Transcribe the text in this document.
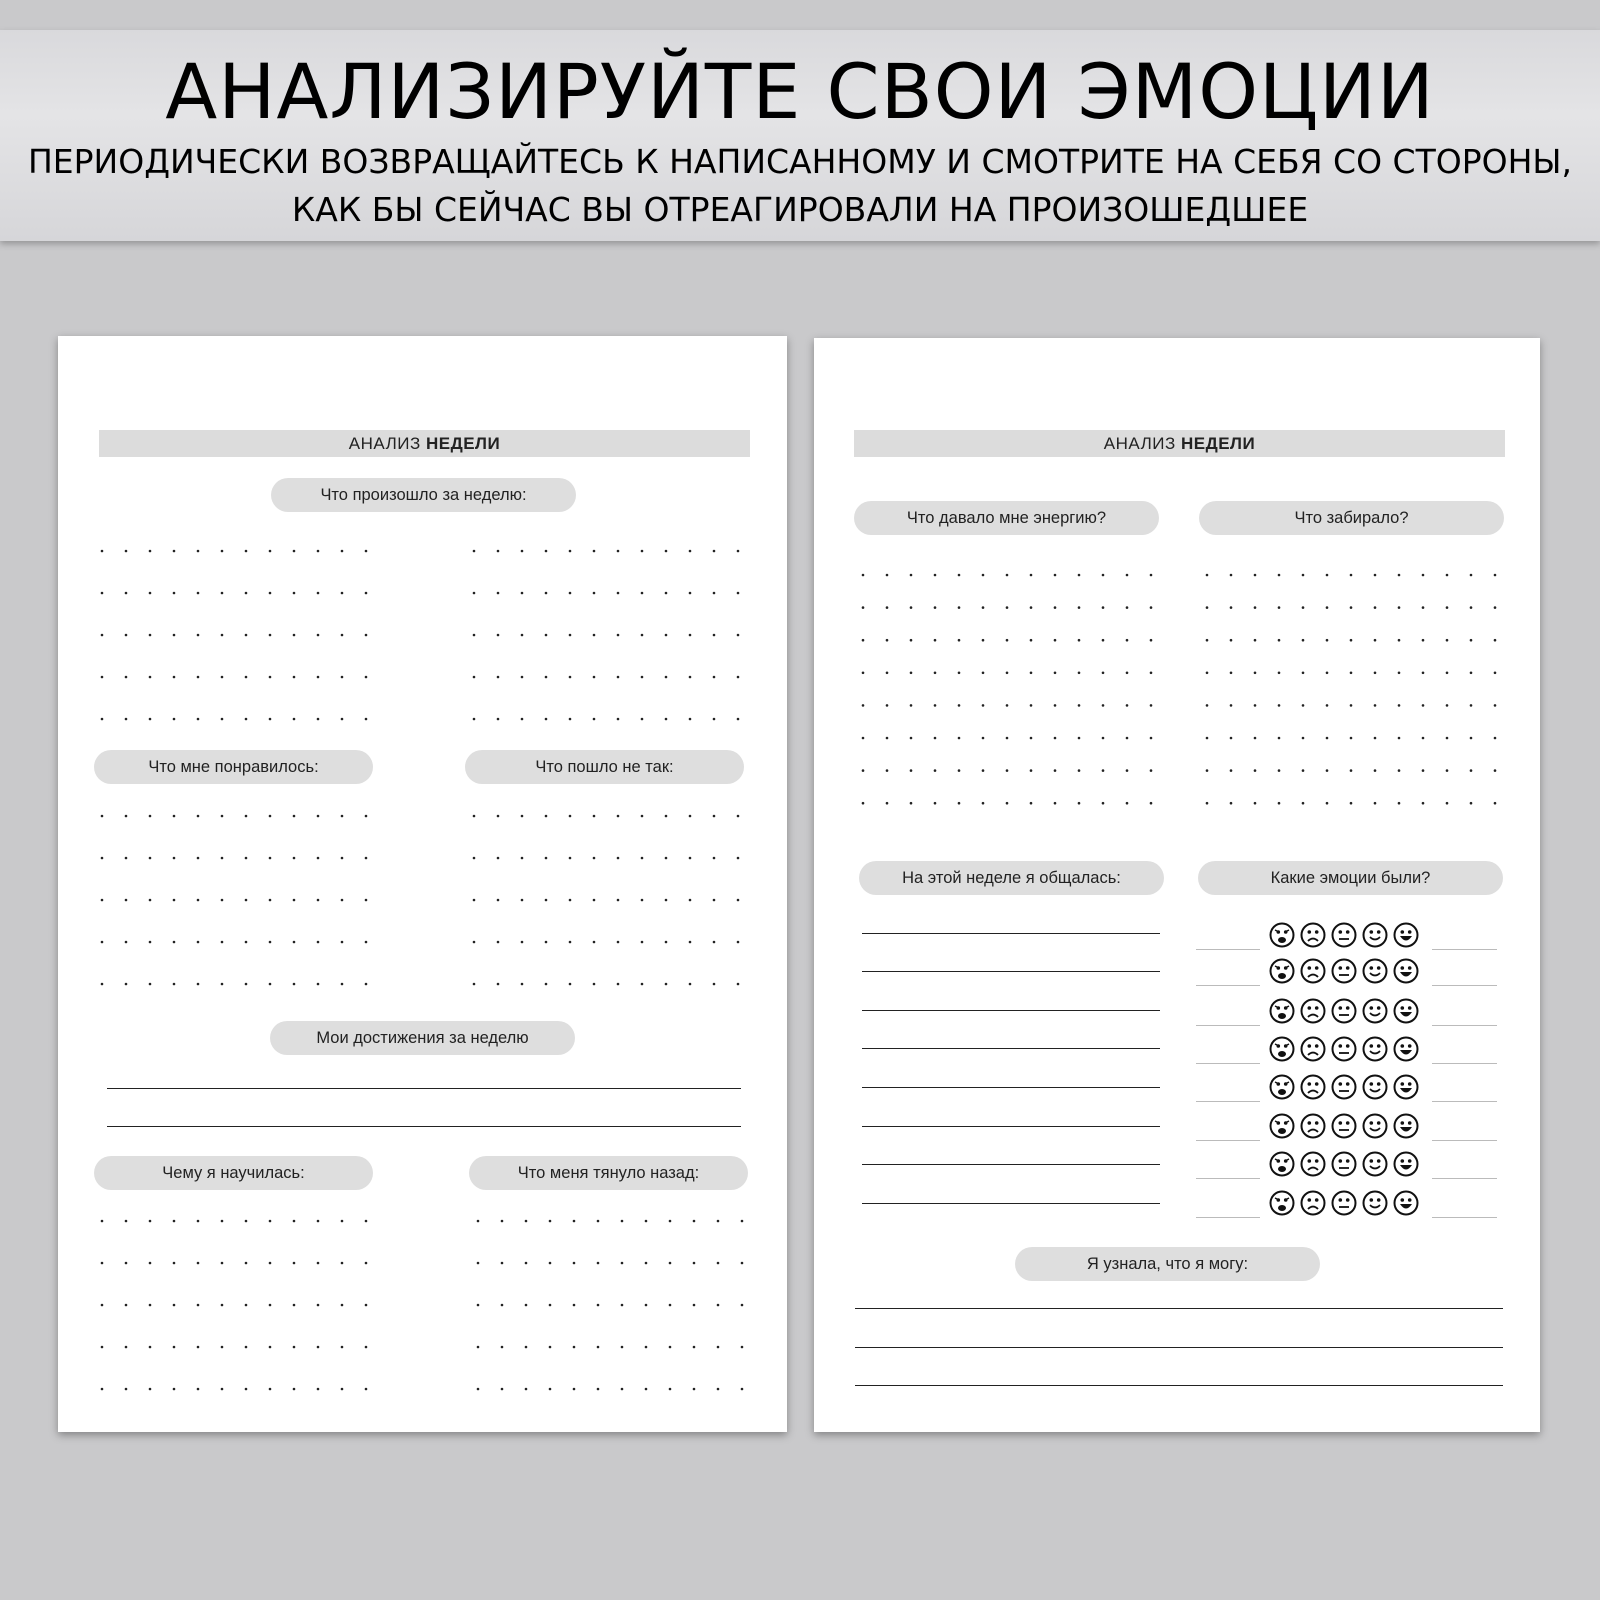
АНАЛИЗИРУЙТЕ СВОИ ЭМОЦИИ
ПЕРИОДИЧЕСКИ ВОЗВРАЩАЙТЕСЬ К НАПИСАННОМУ И СМОТРИТЕ НА СЕБЯ СО СТОРОНЫ,
КАК БЫ СЕЙЧАС ВЫ ОТРЕАГИРОВАЛИ НА ПРОИЗОШЕДШЕЕ
АНАЛИЗ НЕДЕЛИ
Что произошло за неделю:
Что мне понравилось:	Что пошло не так:
Мои достижения за неделю
Чему я научилась:	Что меня тянуло назад:
АНАЛИЗ НЕДЕЛИ
Что давало мне энергию?	Что забирало?
На этой неделе я общалась:	Какие эмоции были?
Я узнала, что я могу:
